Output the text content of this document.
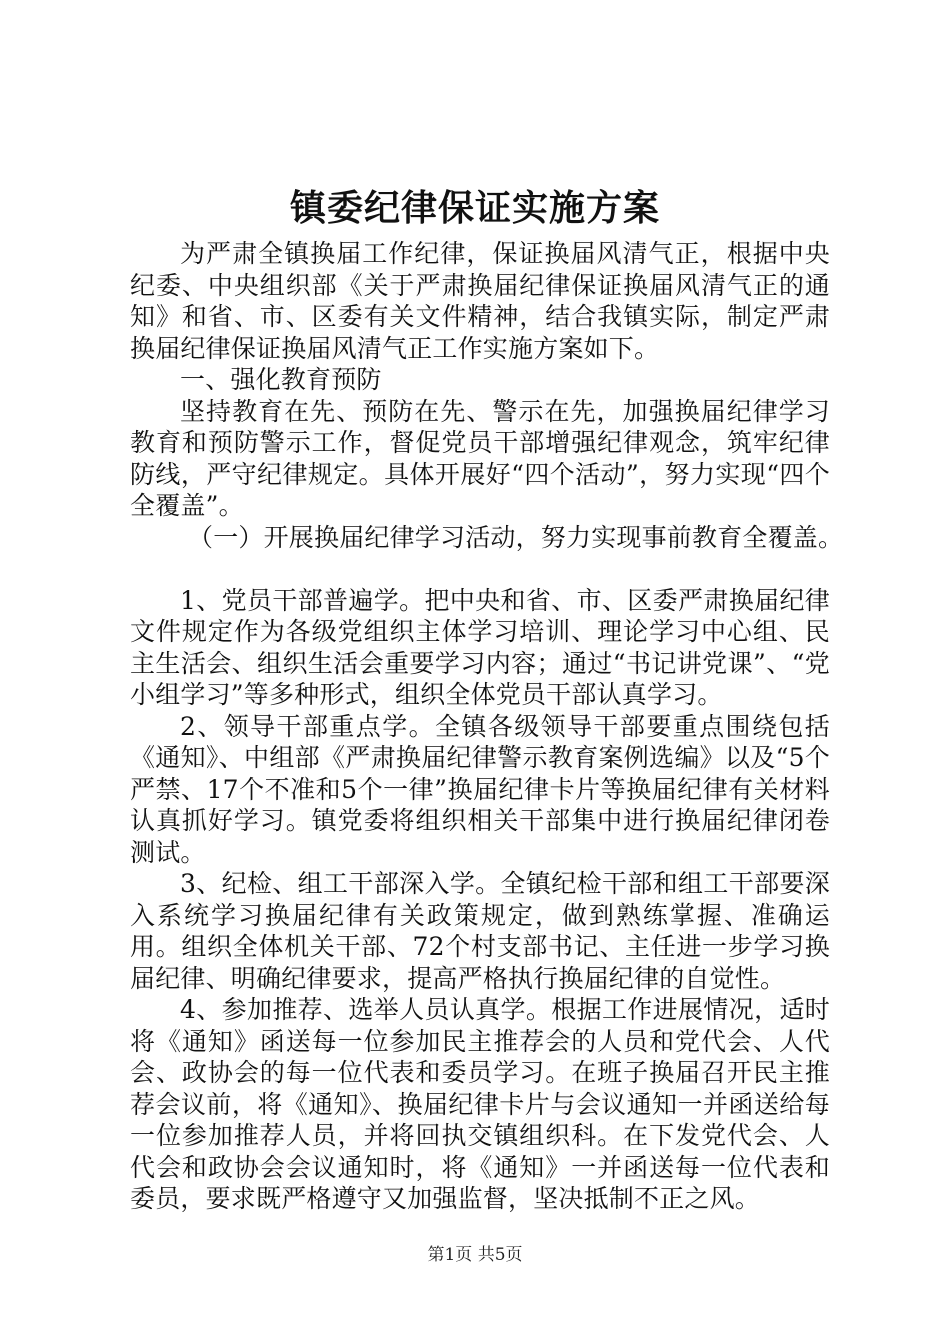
镇委纪律保证实施方案

为严肃全镇换届工作纪律，保证换届风清气正，根据中央纪委、中央组织部《关于严肃换届纪律保证换届风清气正的通知》和省、市、区委有关文件精神，结合我镇实际，制定严肃换届纪律保证换届风清气正工作实施方案如下。

一、强化教育预防

坚持教育在先、预防在先、警示在先，加强换届纪律学习教育和预防警示工作，督促党员干部增强纪律观念，筑牢纪律防线，严守纪律规定。具体开展好“四个活动”，努力实现“四个全覆盖”。

（一）开展换届纪律学习活动，努力实现事前教育全覆盖。

1、党员干部普遍学。把中央和省、市、区委严肃换届纪律文件规定作为各级党组织主体学习培训、理论学习中心组、民主生活会、组织生活会重要学习内容；通过“书记讲党课”、“党小组学习”等多种形式，组织全体党员干部认真学习。

2、领导干部重点学。全镇各级领导干部要重点围绕包括《通知》、中组部《严肃换届纪律警示教育案例选编》以及“5个严禁、17个不准和5个一律”换届纪律卡片等换届纪律有关材料认真抓好学习。镇党委将组织相关干部集中进行换届纪律闭卷测试。

3、纪检、组工干部深入学。全镇纪检干部和组工干部要深入系统学习换届纪律有关政策规定，做到熟练掌握、准确运用。组织全体机关干部、72个村支部书记、主任进一步学习换届纪律、明确纪律要求，提高严格执行换届纪律的自觉性。

4、参加推荐、选举人员认真学。根据工作进展情况，适时将《通知》函送每一位参加民主推荐会的人员和党代会、人代会、政协会的每一位代表和委员学习。在班子换届召开民主推荐会议前，将《通知》、换届纪律卡片与会议通知一并函送给每一位参加推荐人员，并将回执交镇组织科。在下发党代会、人代会和政协会会议通知时，将《通知》一并函送每一位代表和委员，要求既严格遵守又加强监督，坚决抵制不正之风。

第1页 共5页
